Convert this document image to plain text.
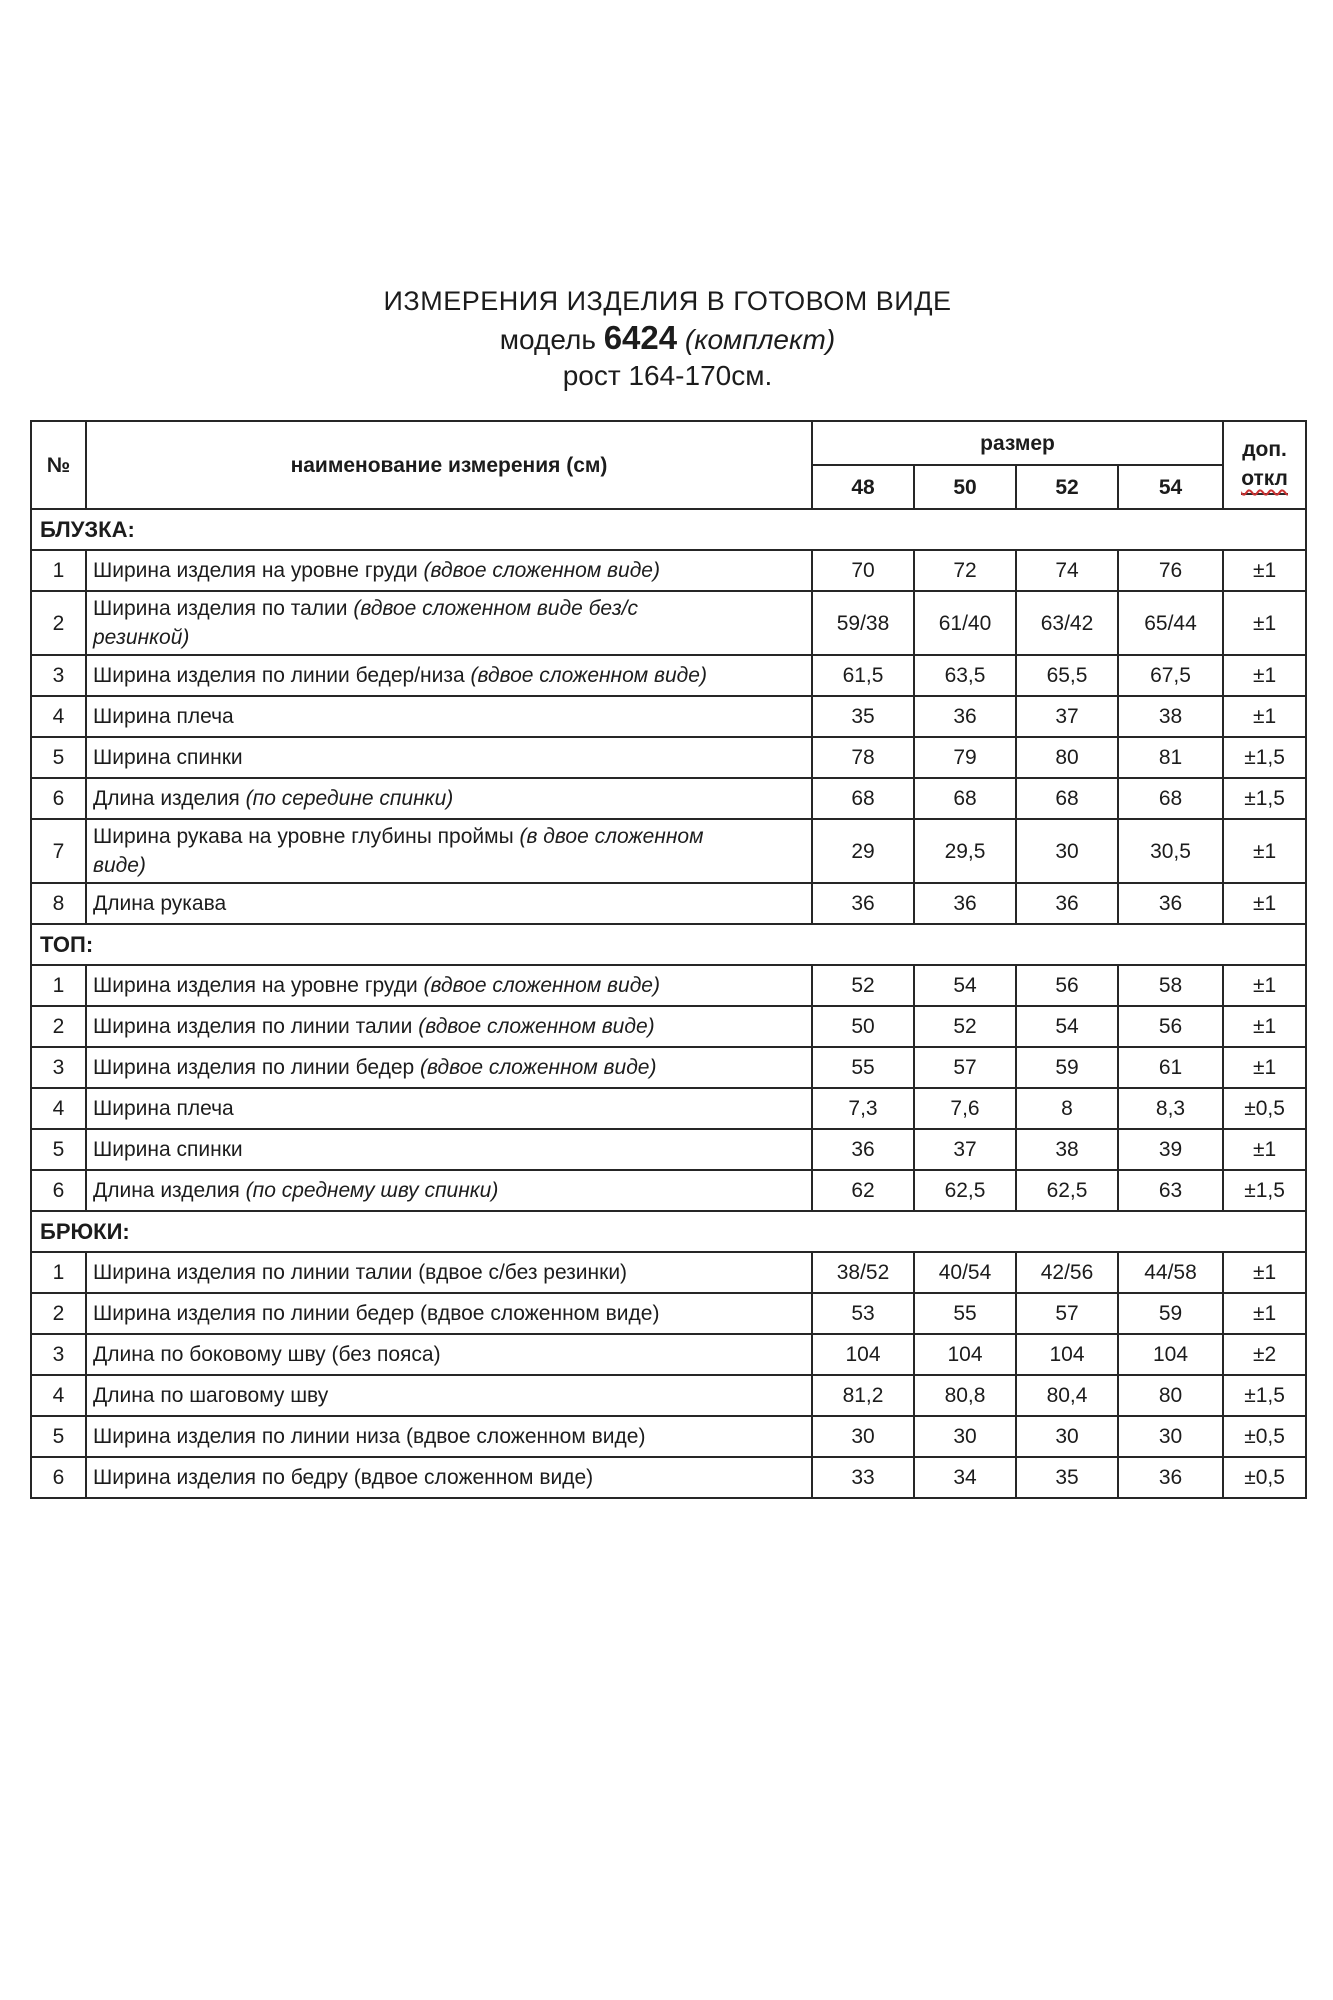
ИЗМЕРЕНИЯ ИЗДЕЛИЯ В ГОТОВОМ ВИДЕ
модель 6424 (комплект)
рост 164-170см.
№	наименование измерения (см)	размер				доп.
откл
		48	50	52	54	
БЛУЗКА:						
1	Ширина изделия на уровне груди (вдвое сложенном виде)	70	72	74	76	±1
2	Ширина изделия по талии (вдвое сложенном виде без/с
резинкой)	59/38	61/40	63/42	65/44	±1
3	Ширина изделия по линии бедер/низа (вдвое сложенном виде)	61,5	63,5	65,5	67,5	±1
4	Ширина плеча	35	36	37	38	±1
5	Ширина спинки	78	79	80	81	±1,5
6	Длина изделия (по середине спинки)	68	68	68	68	±1,5
7	Ширина рукава на уровне глубины проймы (в двое сложенном
виде)	29	29,5	30	30,5	±1
8	Длина рукава	36	36	36	36	±1
ТОП:						
1	Ширина изделия на уровне груди (вдвое сложенном виде)	52	54	56	58	±1
2	Ширина изделия по линии талии (вдвое сложенном виде)	50	52	54	56	±1
3	Ширина изделия по линии бедер (вдвое сложенном виде)	55	57	59	61	±1
4	Ширина плеча	7,3	7,6	8	8,3	±0,5
5	Ширина спинки	36	37	38	39	±1
6	Длина изделия (по среднему шву спинки)	62	62,5	62,5	63	±1,5
БРЮКИ:						
1	Ширина изделия по линии талии (вдвое с/без резинки)	38/52	40/54	42/56	44/58	±1
2	Ширина изделия по линии бедер (вдвое сложенном виде)	53	55	57	59	±1
3	Длина по боковому шву (без пояса)	104	104	104	104	±2
4	Длина по шаговому шву	81,2	80,8	80,4	80	±1,5
5	Ширина изделия по линии низа (вдвое сложенном виде)	30	30	30	30	±0,5
6	Ширина изделия по бедру (вдвое сложенном виде)	33	34	35	36	±0,5
